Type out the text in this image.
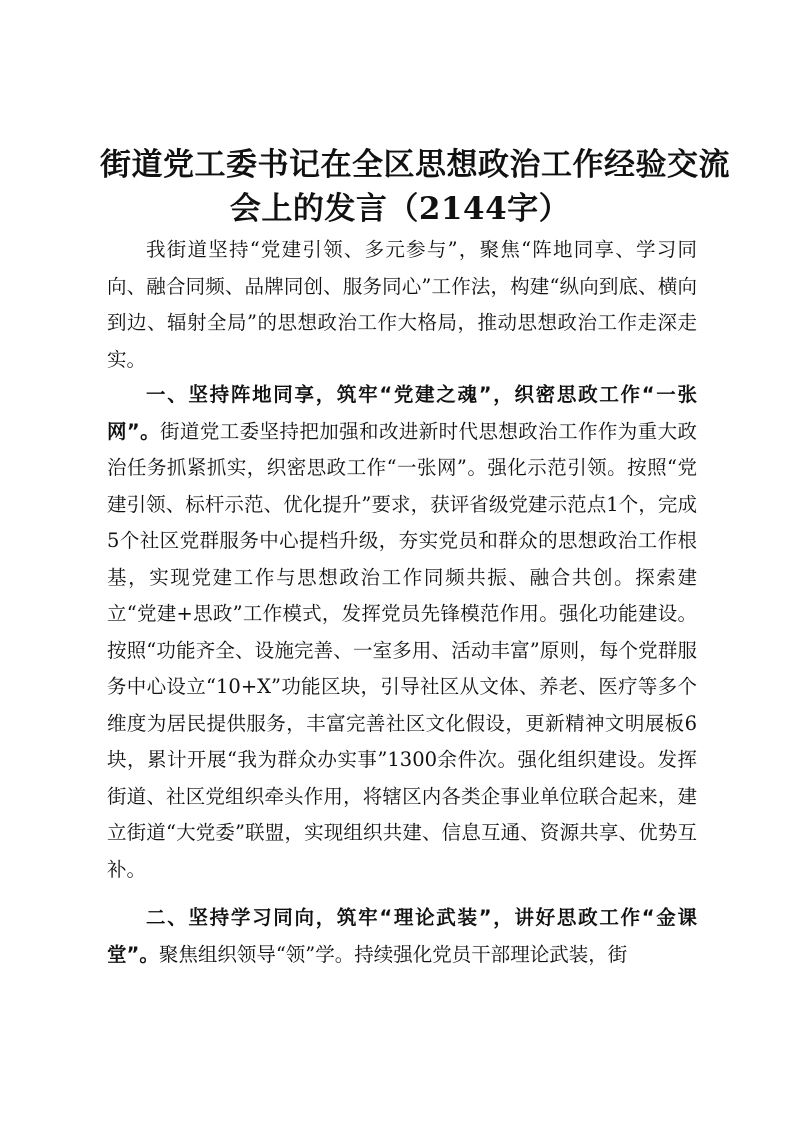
街道党工委书记在全区思想政治工作经验交流
会上的发言（2144字）

我街道坚持“党建引领、多元参与”，聚焦“阵地同享、学习同向、融合同频、品牌同创、服务同心”工作法，构建“纵向到底、横向到边、辐射全局”的思想政治工作大格局，推动思想政治工作走深走实。

一、坚持阵地同享，筑牢“党建之魂”，织密思政工作“一张网”。街道党工委坚持把加强和改进新时代思想政治工作作为重大政治任务抓紧抓实，织密思政工作“一张网”。强化示范引领。按照“党建引领、标杆示范、优化提升”要求，获评省级党建示范点1个，完成5个社区党群服务中心提档升级，夯实党员和群众的思想政治工作根基，实现党建工作与思想政治工作同频共振、融合共创。探索建立“党建+思政”工作模式，发挥党员先锋模范作用。强化功能建设。按照“功能齐全、设施完善、一室多用、活动丰富”原则，每个党群服务中心设立“10+X”功能区块，引导社区从文体、养老、医疗等多个维度为居民提供服务，丰富完善社区文化假设，更新精神文明展板6块，累计开展“我为群众办实事”1300余件次。强化组织建设。发挥街道、社区党组织牵头作用，将辖区内各类企事业单位联合起来，建立街道“大党委”联盟，实现组织共建、信息互通、资源共享、优势互补。

二、坚持学习同向，筑牢“理论武装”，讲好思政工作“金课堂”。聚焦组织领导“领”学。持续强化党员干部理论武装，街
